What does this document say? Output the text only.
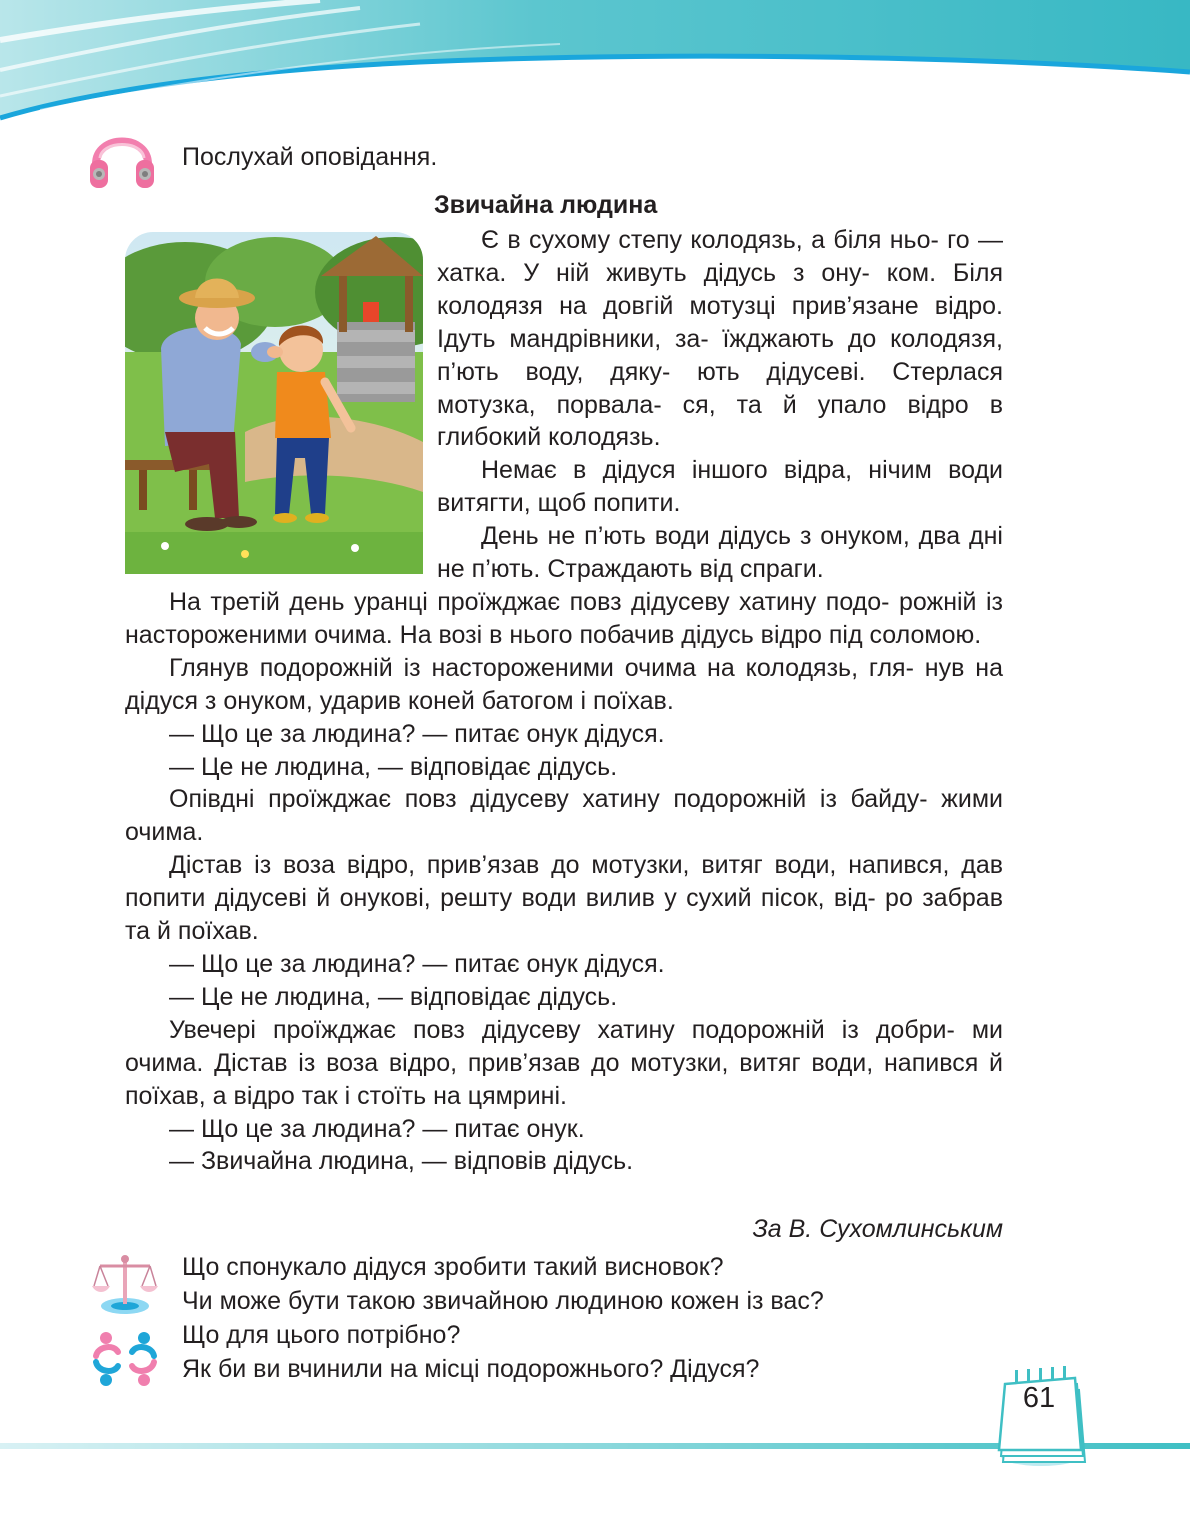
Послухай оповідання.
Звичайна людина

Є в сухому степу колодязь, а біля ньо- го — хатка. У ній живуть дідусь з ону- ком. Біля колодязя на довгій мотузці прив’язане відро. Ідуть мандрівники, за- їжджають до колодязя, п’ють воду, дяку- ють дідусеві. Стерлася мотузка, порвала- ся, та й упало відро в глибокий колодязь.

Немає в дідуся іншого відра, нічим води витягти, щоб попити.

День не п’ють води дідусь з онуком, два дні не п’ють. Страждають від спраги.

На третій день уранці проїжджає повз дідусеву хатину подо- рожній із настороженими очима. На возі в нього побачив дідусь відро під соломою.

Глянув подорожній із настороженими очима на колодязь, гля- нув на дідуся з онуком, ударив коней батогом і поїхав.

— Що це за людина? — питає онук дідуся.

— Це не людина, — відповідає дідусь.

Опівдні проїжджає повз дідусеву хатину подорожній із байду- жими очима.

Дістав із воза відро, прив’язав до мотузки, витяг води, напився, дав попити дідусеві й онукові, решту води вилив у сухий пісок, від- ро забрав та й поїхав.

— Що це за людина? — питає онук дідуся.

— Це не людина, — відповідає дідусь.

Увечері проїжджає повз дідусеву хатину подорожній із добри- ми очима. Дістав із воза відро, прив’язав до мотузки, витяг води, напився й поїхав, а відро так і стоїть на цямрині.

— Що це за людина? — питає онук.

— Звичайна людина, — відповів дідусь.

За В. Сухомлинським
Що спонукало дідуся зробити такий висновок?
Чи може бути такою звичайною людиною кожен із вас?
Що для цього потрібно?
Як би ви вчинили на місці подорожнього? Дідуся?
61
